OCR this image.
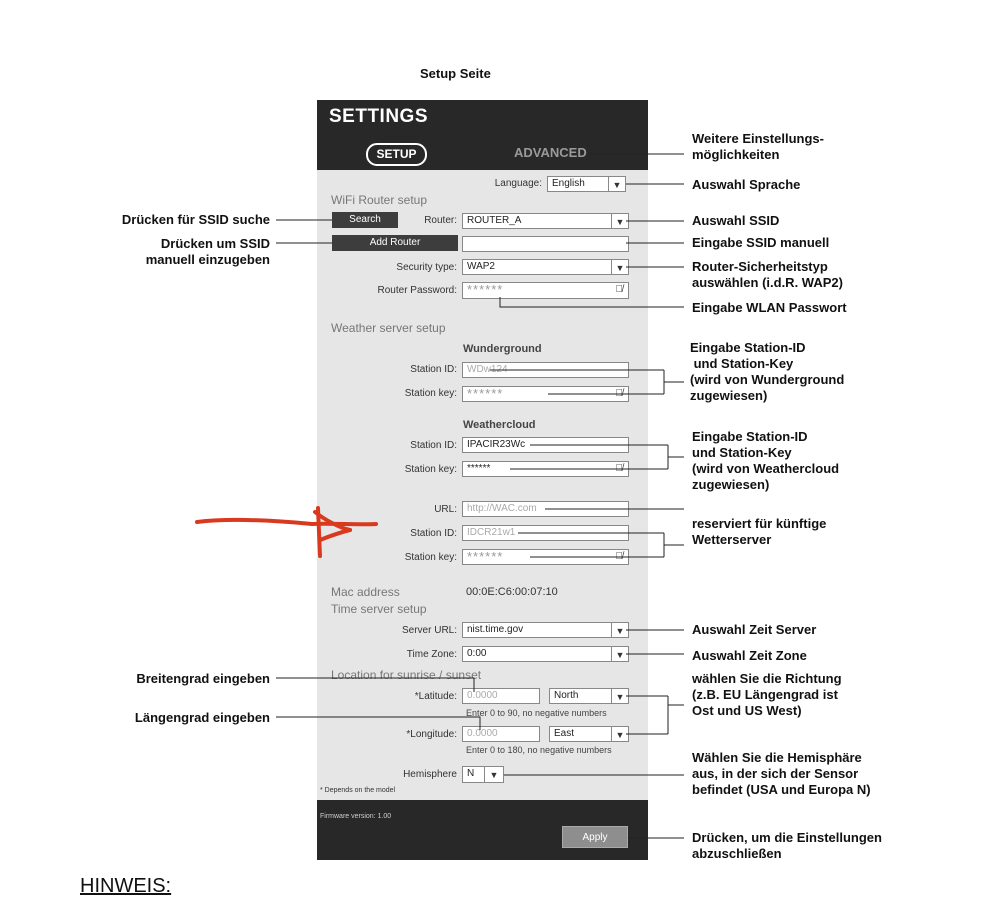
Setup Seite
SETTINGS
SETUP	ADVANCED
Language:	English	▼
WiFi Router setup
Search	Router:	ROUTER_A	▼
Add Router
Security type:	WAP2	▼
Router Password: ******	👁̸
Weather server setup
Wunderground
Station ID:	WDw124
Station key: ******	👁̸
Weathercloud
Station ID:	IPACIR23Wc
Station key:	******	👁̸
URL:	http://WAC.com
Station ID:	IDCR21w1
Station key: ******	👁̸
Mac address	00:0E:C6:00:07:10
Time server setup
Server URL:	nist.time.gov	▼
Time Zone:	0:00	▼
Location for sunrise / sunset
*Latitude:	0.0000	North	▼
Enter 0 to 90, no negative numbers
*Longitude:	0.0000	East	▼
Enter 0 to 180, no negative numbers
Hemisphere	N	▼
* Depends on the model
Firmware version: 1.00
Apply
Weitere Einstellungs-
möglichkeiten
Auswahl Sprache
Auswahl SSID
Eingabe SSID manuell
Router-Sicherheitstyp
auswählen (i.d.R. WAP2)
Eingabe WLAN Passwort
Eingabe Station-ID
und Station-Key
(wird von Wunderground
zugewiesen)
Eingabe Station-ID
und Station-Key
(wird von Weathercloud
zugewiesen)
reserviert für künftige
Wetterserver
Auswahl Zeit Server
Auswahl Zeit Zone
wählen Sie die Richtung
(z.B. EU Längengrad ist
Ost und US West)
Wählen Sie die Hemisphäre
aus, in der sich der Sensor
befindet (USA und Europa N)
Drücken, um die Einstellungen
abzuschließen
Drücken für SSID suche
Drücken um SSID
manuell einzugeben
Breitengrad eingeben
Längengrad eingeben
HINWEIS:
